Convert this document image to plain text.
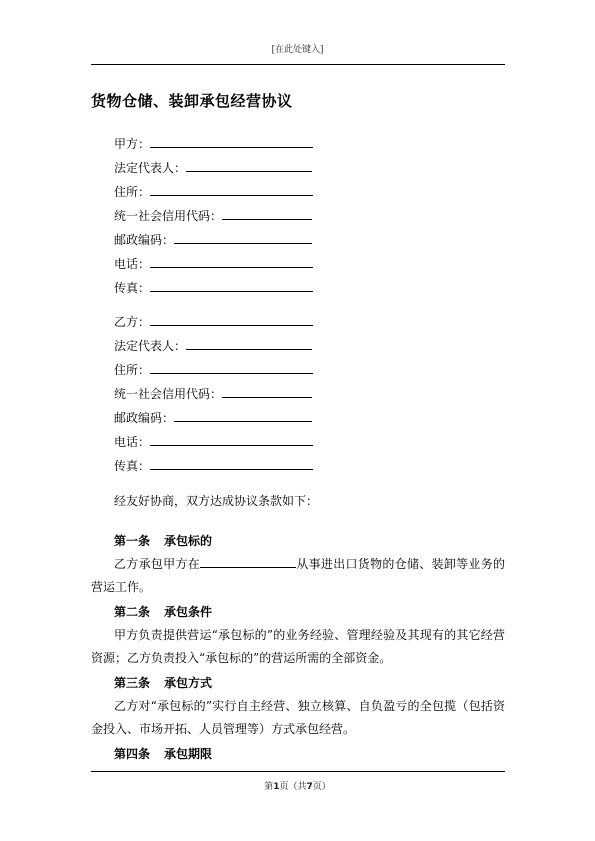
[在此处键入]
货物仓储、装卸承包经营协议
甲方：
法定代表人：
住所：
统一社会信用代码：
邮政编码：
电话：
传真：
乙方：
法定代表人：
住所：
统一社会信用代码：
邮政编码：
电话：
传真：
经友好协商，双方达成协议条款如下：
第一条 承包标的
乙方承包甲方在	从事进出口货物的仓储、装卸等业务的营运工作。
第二条 承包条件
甲方负责提供营运“承包标的”的业务经验、管理经验及其现有的其它经营资源；乙方负责投入“承包标的”的营运所需的全部资金。
第三条 承包方式
乙方对“承包标的”实行自主经营、独立核算、自负盈亏的全包揽（包括资金投入、市场开拓、人员管理等）方式承包经营。
第四条 承包期限
第1页（共7页）
